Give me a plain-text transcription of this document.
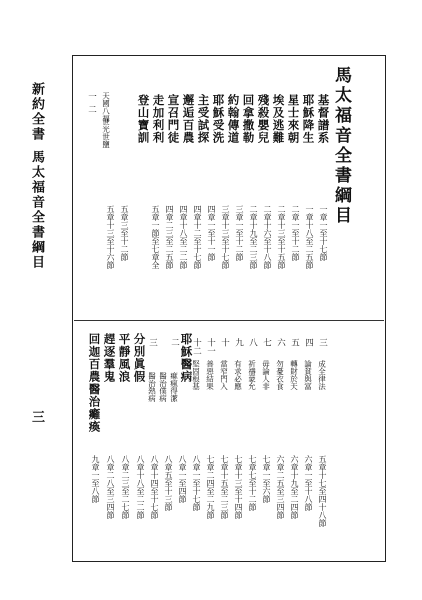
新約全書
馬太福音全書綱目
三
馬太福音全書綱目
一
二 天國八福
世光世鹽	基督譜系
耶穌降生
星士來朝
埃及逃難
殘殺嬰兒
回拿撒勒
約翰傳道
耶穌受洗
主受試探
邂逅百農
宣召門徒
走加利利
登山寶訓
一章一至十七節
一章十八至二五節
二章一至十二節
二章十三至十五節
二章十六至十八節
二章十九至二三節
三章一至十二節
三章十三至十七節
四章一至十一節
四章十二至十七節
四章十八至二二節
四章二三至二五節
五章一節至七章全
五章三至十二節
五章十三至十六節
三
四
五
六
七
八
九
十
十一
十二
二
三
成全律法
論貧與富
轉財於天
勿憂衣食
毋論人非
祈禱蒙允
有求必應
當窄門入
善惡結果
堅固根基
痲瘋得潔
醫治僕病
醫治熱病
耶穌醫病
分別眞假
平靜風浪
趕逐羣鬼
回迦百農醫治癱瘓
五章十七至四十八節
六章一至十八節
六章十九至二四節
六章二五至三四節
七章一至六節
七章七至十二節
七章十三至十四節
七章十五至二三節
七章二四至二九節
八章一至十七節
八章一至四節
八章五至十三節
八章十四至十七節
八章十八至二二節
八章二三至二七節
八章二八至三四節
九章一至八節
